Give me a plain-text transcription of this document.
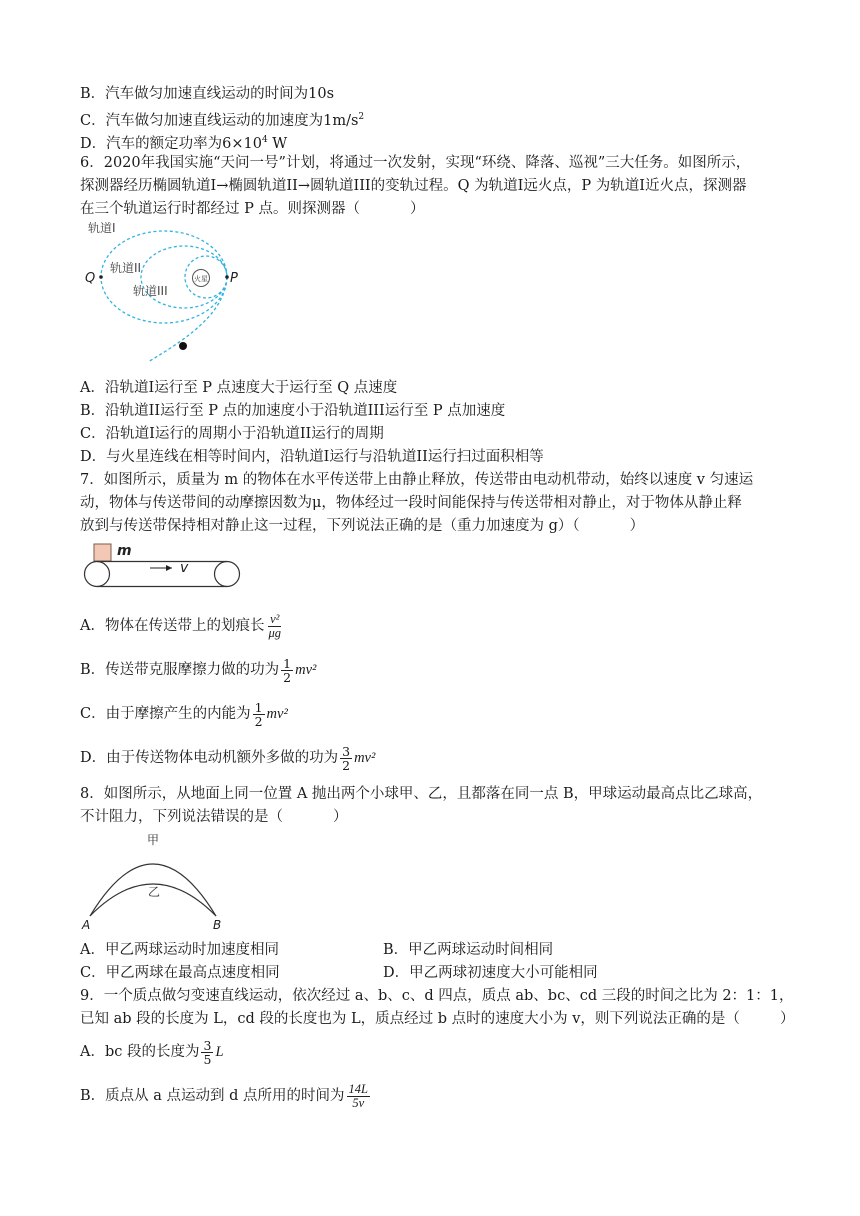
B．汽车做匀加速直线运动的时间为10s
C．汽车做匀加速直线运动的加速度为$1m/s^2$
D．汽车的额定功率为$6\times 10^4$ W
6．2020年我国实施“天问一号”计划，将通过一次发射，实现“环绕、降落、巡视”三大任务。如图所示，
探测器经历椭圆轨道I→椭圆轨道II→圆轨道III的变轨过程。Q 为轨道I远火点，P 为轨道I近火点，探测器
在三个轨道运行时都经过 P 点。则探测器（	）
火星
轨道I
轨道II
轨道III
Q	P
A．沿轨道I运行至 P 点速度大于运行至 Q 点速度
B．沿轨道II运行至 P 点的加速度小于沿轨道III运行至 P 点加速度
C．沿轨道I运行的周期小于沿轨道II运行的周期
D．与火星连线在相等时间内，沿轨道I运行与沿轨道II运行扫过面积相等
7．如图所示，质量为 m 的物体在水平传送带上由静止释放，传送带由电动机带动，始终以速度 v 匀速运
动，物体与传送带间的动摩擦因数为μ，物体经过一段时间能保持与传送带相对静止，对于物体从静止释
放到与传送带保持相对静止这一过程，下列说法正确的是（重力加速度为 g）（	）
m
v
A．物体在传送带上的划痕长 $\frac{\text{v²}}{\mu g}$
B．传送带克服摩擦力做的功为 $\frac{1}{2} mv^2$
C．由于摩擦产生的内能为 $\frac{1}{2} mv^2$
D．由于传送物体电动机额外多做的功为 $\frac{3}{2} mv^2$
8．如图所示，从地面上同一位置 A 抛出两个小球甲、乙，且都落在同一点 B，甲球运动最高点比乙球高，
不计阻力，下列说法错误的是（	）
甲
乙
A	B
A．甲乙两球运动时加速度相同	B．甲乙两球运动时间相同
C．甲乙两球在最高点速度相同	D．甲乙两球初速度大小可能相同
9．一个质点做匀变速直线运动，依次经过 a、b、c、d 四点，质点 ab、bc、cd 三段的时间之比为 2：1：1，
已知 ab 段的长度为 L，cd 段的长度也为 L，质点经过 b 点时的速度大小为 v，则下列说法正确的是（	）
A．bc 段的长度为 $\frac{3}{5}$ L
B．质点从 a 点运动到 d 点所用的时间为 $\frac{14L}{5v}$
